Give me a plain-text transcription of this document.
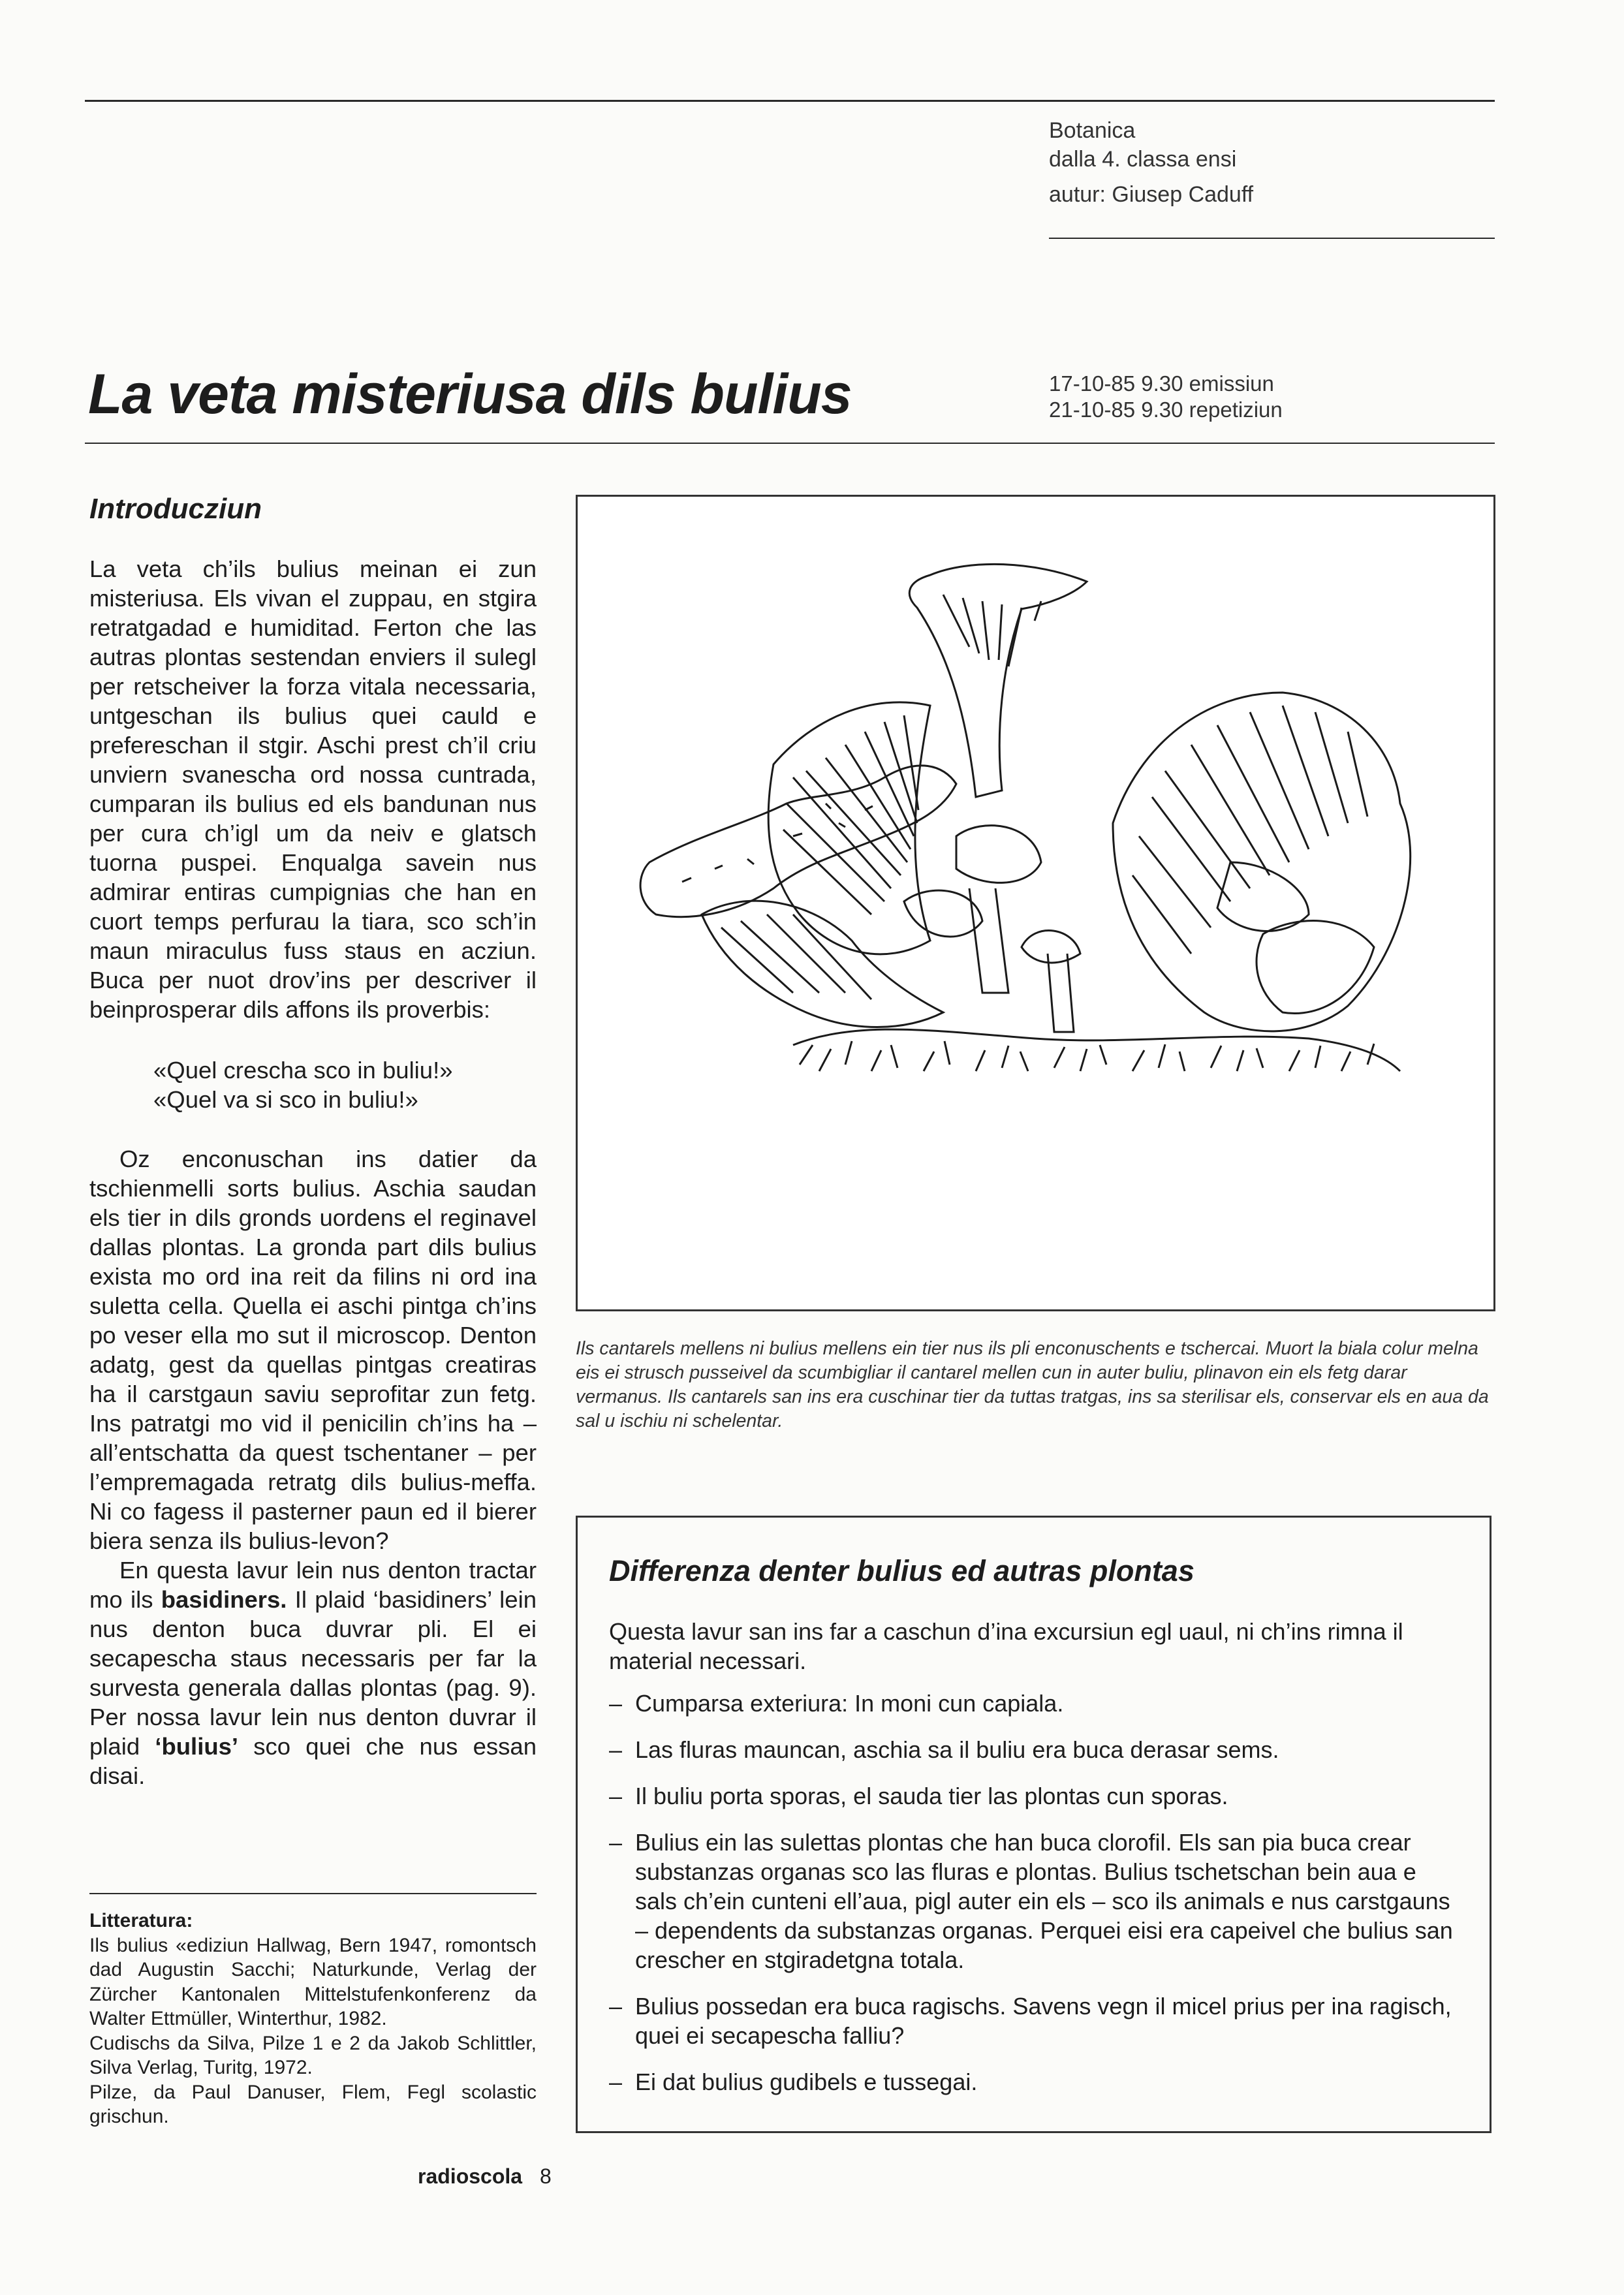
Botanica
dalla 4. classa ensi
autur: Giusep Caduff
La veta misteriusa dils bulius	17-10-85 9.30 emissiun
21-10-85 9.30 repetiziun
Introducziun

La veta ch’ils bulius meinan ei zun misteriusa. Els vivan el zuppau, en stgira retratgadad e humiditad. Ferton che las autras plontas sestendan enviers il sulegl per retscheiver la forza vitala necessaria, untgeschan ils bulius quei cauld e prefereschan il stgir. Aschi prest ch’il criu unviern svanescha ord nossa cuntrada, cumparan ils bulius ed els bandunan nus per cura ch’igl um da neiv e glatsch tuorna puspei. Enqualga savein nus admirar entiras cumpignias che han en cuort temps perfurau la tiara, sco sch’in maun miraculus fuss staus en acziun. Buca per nuot drov’ins per descriver il beinprosperar dils affons ils proverbis:

«Quel crescha sco in buliu!»
«Quel va si sco in buliu!»

Oz enconuschan ins datier da tschienmelli sorts bulius. Aschia saudan els tier in dils gronds uordens el reginavel dallas plontas. La gronda part dils bulius exista mo ord ina reit da filins ni ord ina suletta cella. Quella ei aschi pintga ch’ins po veser ella mo sut il microscop. Denton adatg, gest da quellas pintgas creatiras ha il carstgaun saviu seprofitar zun fetg. Ins patratgi mo vid il penicilin ch’ins ha – all’entschatta da quest tschentaner – per l’empremagada retratg dils bulius-meffa. Ni co fagess il pasterner paun ed il bierer biera senza ils bulius-levon?

En questa lavur lein nus denton tractar mo ils basidiners. Il plaid ‘basidiners’ lein nus denton buca duvrar pli. El ei secapescha staus necessaris per far la survesta generala dallas plontas (pag. 9). Per nossa lavur lein nus denton duvrar il plaid ‘bulius’ sco quei che nus essan disai.

Litteratura:
Ils bulius «ediziun Hallwag, Bern 1947, romontsch dad Augustin Sacchi; Naturkunde, Verlag der Zürcher Kantonalen Mittelstufenkonferenz da Walter Ettmüller, Winterthur, 1982.
Cudischs da Silva, Pilze 1 e 2 da Jakob Schlittler, Silva Verlag, Turitg, 1972.
Pilze, da Paul Danuser, Flem, Fegl scolastic grischun.
Ils cantarels mellens ni bulius mellens ein tier nus ils pli enconuschents e tschercai. Muort la biala colur melna eis ei strusch pusseivel da scumbigliar il cantarel mellen cun in auter buliu, plinavon ein els fetg darar vermanus. Ils cantarels san ins era cuschinar tier da tuttas tratgas, ins sa sterilisar els, conservar els en aua da sal u ischiu ni schelentar.
Differenza denter bulius ed autras plontas

Questa lavur san ins far a caschun d’ina excursiun egl uaul, ni ch’ins rimna il material necessari.

– Cumparsa exteriura: In moni cun capiala.
– Las fluras mauncan, aschia sa il buliu era buca derasar sems.
– Il buliu porta sporas, el sauda tier las plontas cun sporas.
– Bulius ein las sulettas plontas che han buca clorofil. Els san pia buca crear substanzas organas sco las fluras e plontas. Bulius tschetschan bein aua e sals ch’ein cunteni ell’aua, pigl auter ein els – sco ils animals e nus carstgauns – dependents da substanzas organas. Perquei eisi era capeivel che bulius san crescher en stgiradetgna totala.
– Bulius possedan era buca ragischs. Savens vegn il micel prius per ina ragisch, quei ei secapescha falliu?
– Ei dat bulius gudibels e tussegai.
radioscola 8
